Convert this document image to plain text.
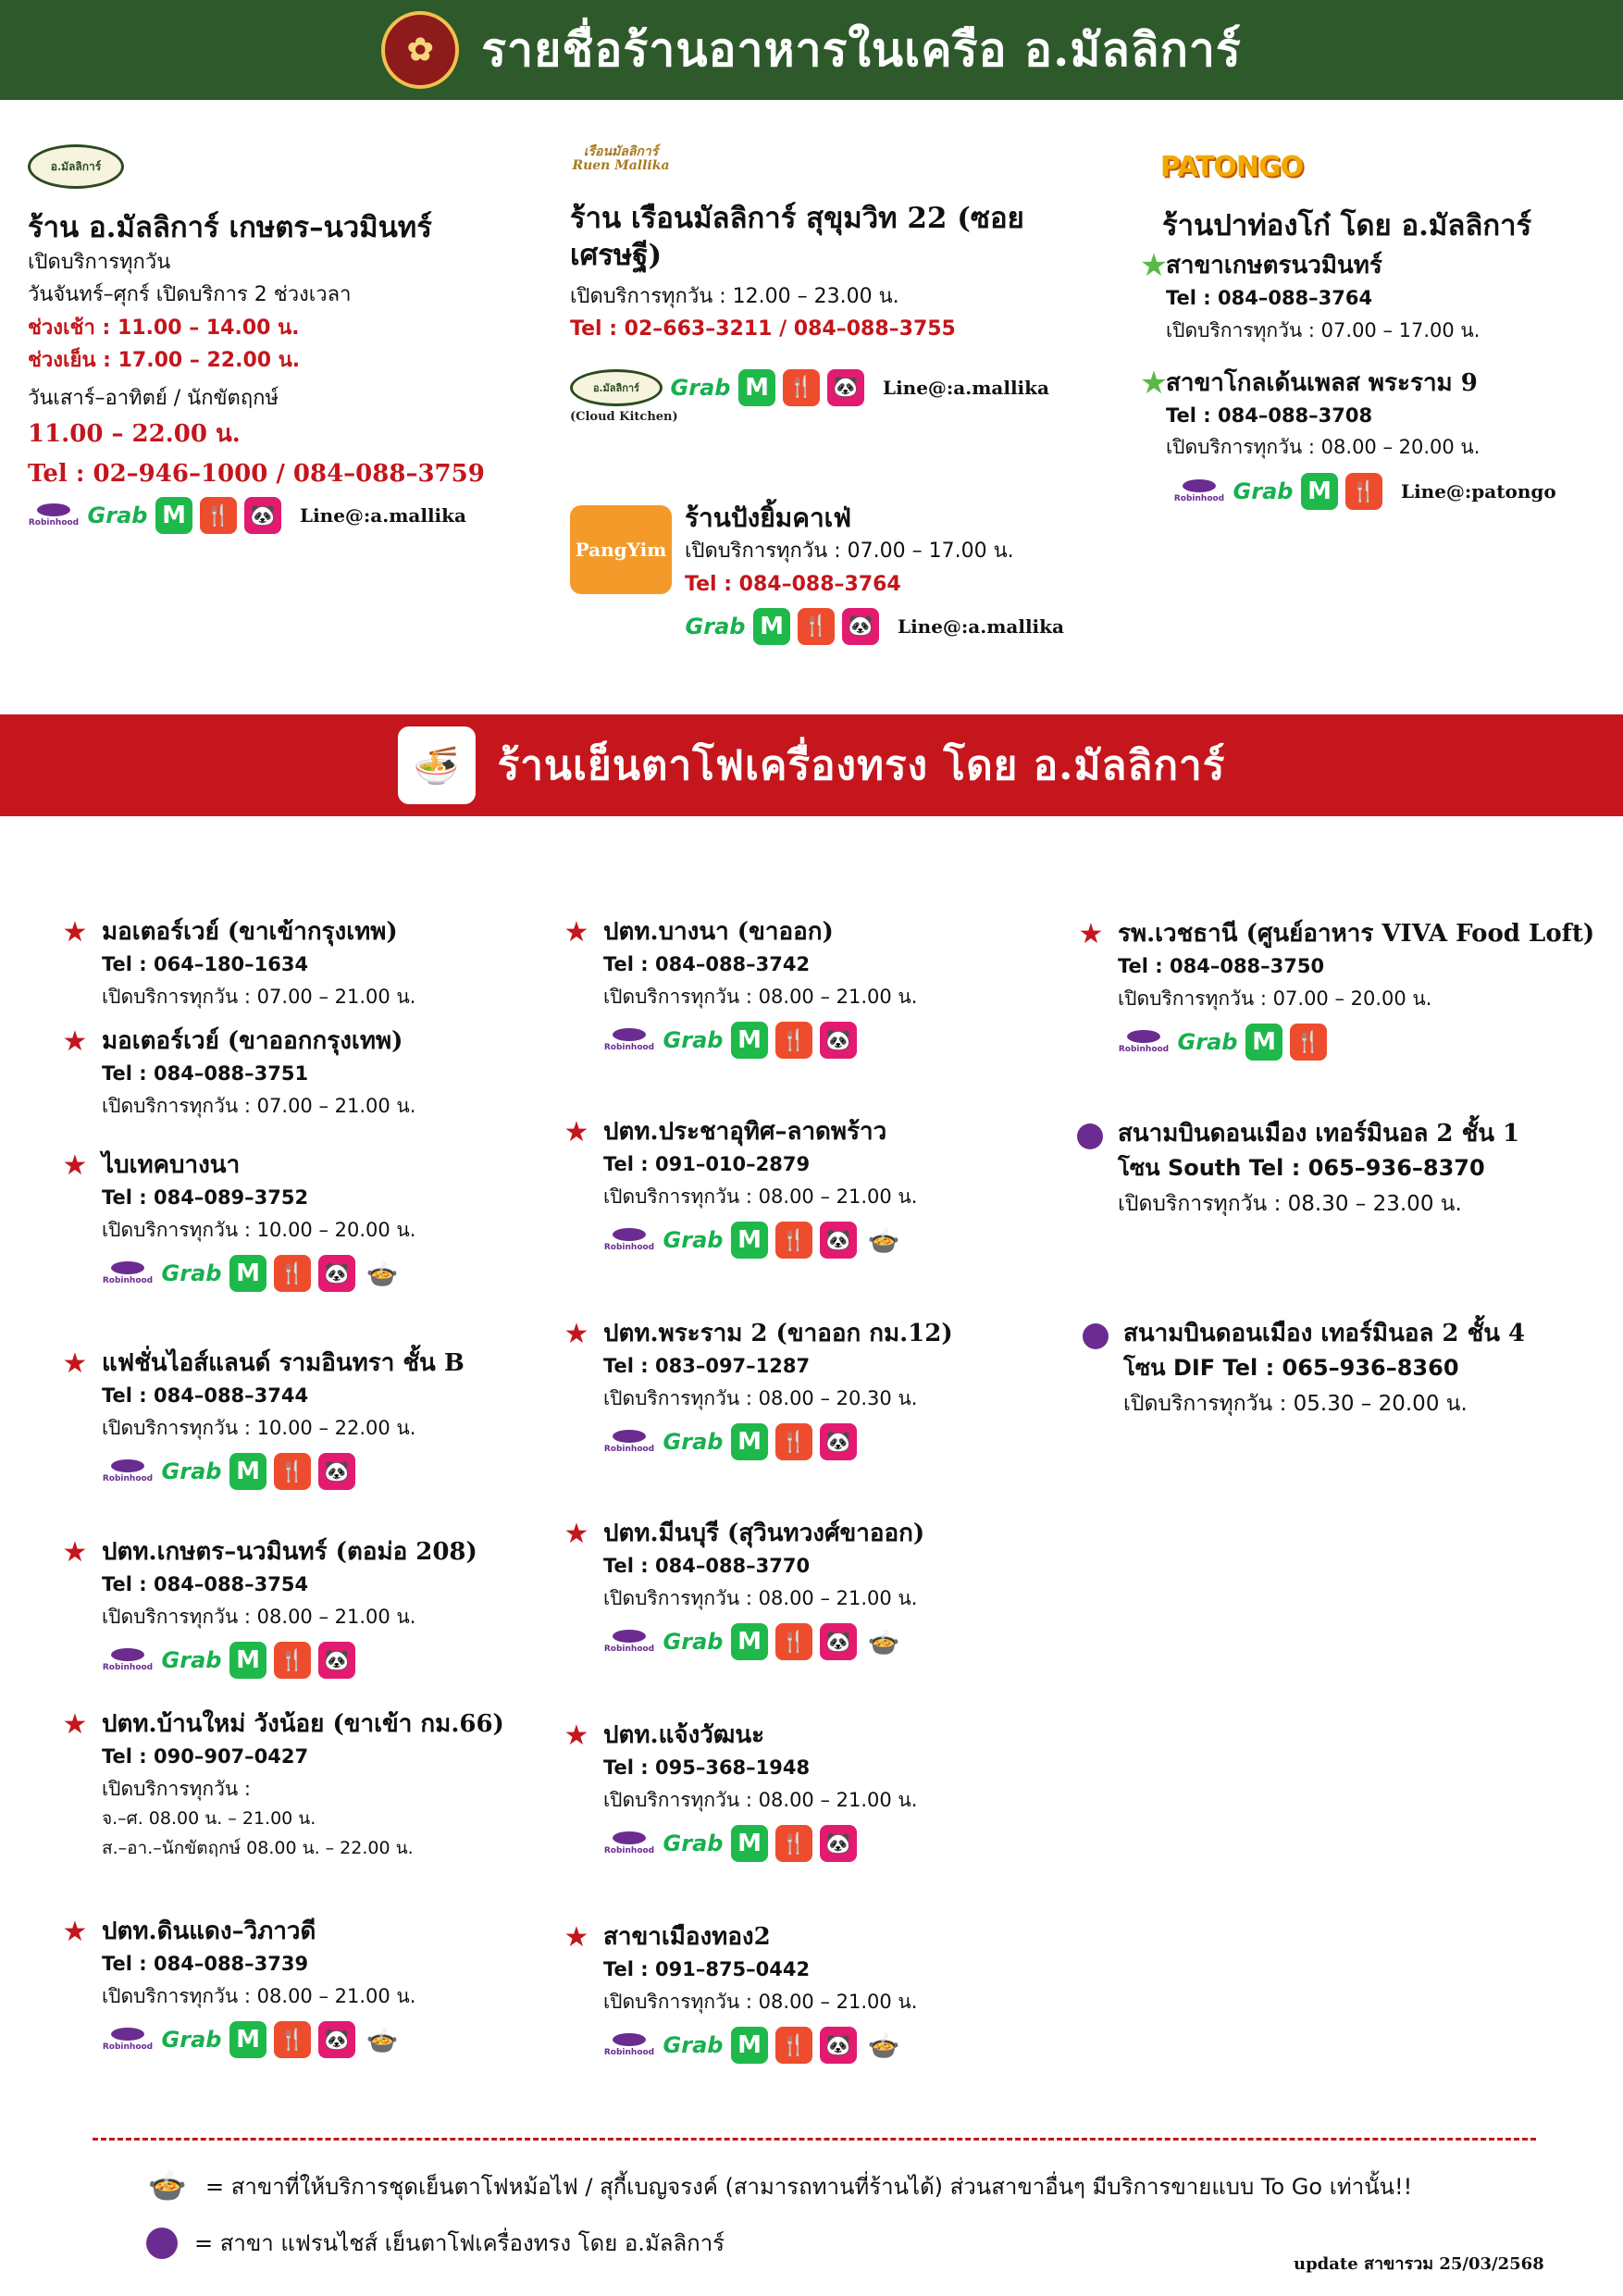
✿	รายชื่อร้านอาหารในเครือ อ.มัลลิการ์
อ.มัลลิการ์
ร้าน อ.มัลลิการ์ เกษตร–นวมินทร์
เปิดบริการทุกวัน
วันจันทร์–ศุกร์ เปิดบริการ 2 ช่วงเวลา
ช่วงเช้า : 11.00 – 14.00 น.
ช่วงเย็น : 17.00 – 22.00 น.
วันเสาร์–อาทิตย์ / นักขัตฤกษ์
11.00 – 22.00 น.
Tel : 02–946–1000 / 084–088–3759
Robinhood Grab M 🍴 🐼	Line@:a.mallika
เรือนมัลลิการ์ Ruen Mallika
ร้าน เรือนมัลลิการ์ สุขุมวิท 22 (ซอยเศรษฐี)
เปิดบริการทุกวัน : 12.00 – 23.00 น.
Tel : 02–663–3211 / 084–088–3755
อ.มัลลิการ์	Grab M 🍴 🐼	Line@:a.mallika
(Cloud Kitchen)
PangYim
ร้านปังยิ้มคาเฟ่
เปิดบริการทุกวัน : 07.00 – 17.00 น.
Tel : 084–088–3764
Grab M 🍴 🐼	Line@:a.mallika
PATONGO
ร้านปาท่องโก๋ โดย อ.มัลลิการ์
★
สาขาเกษตรนวมินทร์
Tel : 084–088–3764
เปิดบริการทุกวัน : 07.00 – 17.00 น.
★
สาขาโกลเด้นเพลส พระราม 9
Tel : 084–088–3708
เปิดบริการทุกวัน : 08.00 – 20.00 น.
Robinhood Grab M 🍴	Line@:patongo
🍜 ร้านเย็นตาโฟเครื่องทรง โดย อ.มัลลิการ์
★ มอเตอร์เวย์ (ขาเข้ากรุงเทพ)
Tel : 064–180–1634
เปิดบริการทุกวัน : 07.00 – 21.00 น.
★ มอเตอร์เวย์ (ขาออกกรุงเทพ)
Tel : 084–088–3751
เปิดบริการทุกวัน : 07.00 – 21.00 น.
★ ไบเทคบางนา
Tel : 084–089–3752
เปิดบริการทุกวัน : 10.00 – 20.00 น.
Robinhood Grab M 🍴 🐼 🍲
★ แฟชั่นไอส์แลนด์ รามอินทรา ชั้น B
Tel : 084–088–3744
เปิดบริการทุกวัน : 10.00 – 22.00 น.
Robinhood Grab M 🍴 🐼
★ ปตท.เกษตร–นวมินทร์ (ตอม่อ 208)
Tel : 084–088–3754
เปิดบริการทุกวัน : 08.00 – 21.00 น.
Robinhood Grab M 🍴 🐼
★ ปตท.บ้านใหม่ วังน้อย (ขาเข้า กม.66)
Tel : 090–907–0427
เปิดบริการทุกวัน :
จ.–ศ. 08.00 น. – 21.00 น.
ส.–อา.–นักขัตฤกษ์ 08.00 น. – 22.00 น.
★ ปตท.ดินแดง–วิภาวดี
Tel : 084–088–3739
เปิดบริการทุกวัน : 08.00 – 21.00 น.
Robinhood Grab M 🍴 🐼 🍲
★ ปตท.บางนา (ขาออก)
Tel : 084–088–3742
เปิดบริการทุกวัน : 08.00 – 21.00 น.
Robinhood Grab M 🍴 🐼
★ ปตท.ประชาอุทิศ–ลาดพร้าว
Tel : 091–010–2879
เปิดบริการทุกวัน : 08.00 – 21.00 น.
Robinhood Grab M 🍴 🐼 🍲
★ ปตท.พระราม 2 (ขาออก กม.12)
Tel : 083–097–1287
เปิดบริการทุกวัน : 08.00 – 20.30 น.
Robinhood Grab M 🍴 🐼
★ ปตท.มีนบุรี (สุวินทวงศ์ขาออก)
Tel : 084–088–3770
เปิดบริการทุกวัน : 08.00 – 21.00 น.
Robinhood Grab M 🍴 🐼 🍲
★ ปตท.แจ้งวัฒนะ
Tel : 095–368–1948
เปิดบริการทุกวัน : 08.00 – 21.00 น.
Robinhood Grab M 🍴 🐼
★ สาขาเมืองทอง2
Tel : 091–875–0442
เปิดบริการทุกวัน : 08.00 – 21.00 น.
Robinhood Grab M 🍴 🐼 🍲
★ รพ.เวชธานี (ศูนย์อาหาร VIVA Food Loft)
Tel : 084–088–3750
เปิดบริการทุกวัน : 07.00 – 20.00 น.
Robinhood Grab M 🍴
สนามบินดอนเมือง เทอร์มินอล 2 ชั้น 1
โซน South Tel : 065–936–8370
เปิดบริการทุกวัน : 08.30 – 23.00 น.
สนามบินดอนเมือง เทอร์มินอล 2 ชั้น 4
โซน DIF Tel : 065–936–8360
เปิดบริการทุกวัน : 05.30 – 20.00 น.
🍲 = สาขาที่ให้บริการชุดเย็นตาโฟหม้อไฟ / สุกี้เบญจรงค์ (สามารถทานที่ร้านได้) ส่วนสาขาอื่นๆ มีบริการขายแบบ To Go เท่านั้น!!
= สาขา แฟรนไชส์ เย็นตาโฟเครื่องทรง โดย อ.มัลลิการ์
update สาขารวม 25/03/2568
